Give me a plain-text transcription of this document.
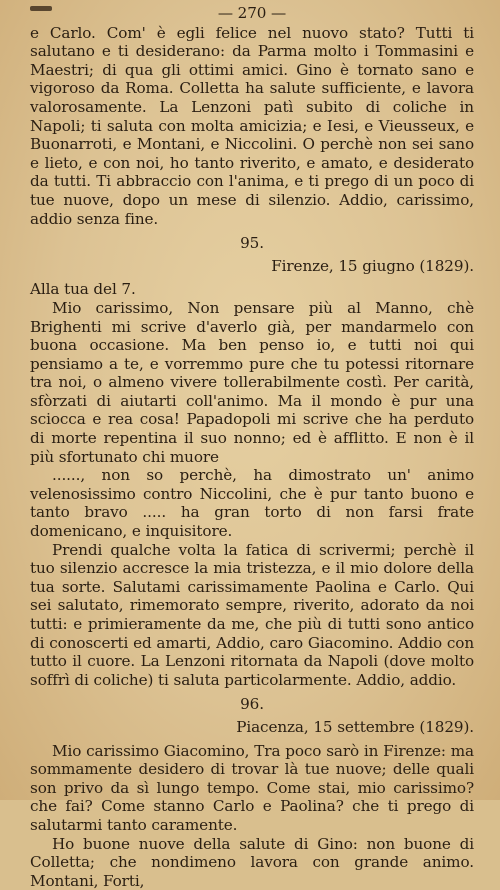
— 270 —

e Carlo. Com' è egli felice nel nuovo stato? Tutti ti salutano e ti desiderano: da Parma molto i Tommasini e Maestri; di qua gli ottimi amici. Gino è tornato sano e vigoroso da Roma. Colletta ha salute sufficiente, e lavora valorosamente. La Lenzoni patì subito di coliche in Napoli; ti saluta con molta amicizia; e Iesi, e Vieusseux, e Buonarroti, e Montani, e Niccolini. O perchè non sei sano e lieto, e con noi, ho tanto riverito, e amato, e desiderato da tutti. Ti abbraccio con l'anima, e ti prego di un poco di tue nuove, dopo un mese di silenzio. Addio, carissimo, addio senza fine.

95.
Firenze, 15 giugno (1829).

Alla tua del 7.

Mio carissimo, Non pensare più al Manno, chè Brighenti mi scrive d'averlo già, per mandarmelo con buona occasione. Ma ben penso io, e tutti noi qui pensiamo a te, e vorremmo pure che tu potessi ritornare tra noi, o almeno vivere tollerabilmente costì. Per carità, sfòrzati di aiutarti coll'animo. Ma il mondo è pur una sciocca e rea cosa! Papadopoli mi scrive che ha perduto di morte repentina il suo nonno; ed è afflitto. E non è il più sfortunato chi muore

......, non so perchè, ha dimostrato un' animo velenosissimo contro Niccolini, che è pur tanto buono e tanto bravo ..... ha gran torto di non farsi frate domenicano, e inquisitore.

Prendi qualche volta la fatica di scrivermi; perchè il tuo silenzio accresce la mia tristezza, e il mio dolore della tua sorte. Salutami carissimamente Paolina e Carlo. Qui sei salutato, rimemorato sempre, riverito, adorato da noi tutti: e primieramente da me, che più di tutti sono antico di conoscerti ed amarti, Addio, caro Giacomino. Addio con tutto il cuore. La Lenzoni ritornata da Napoli (dove molto soffrì di coliche) ti saluta particolarmente. Addio, addio.

96.
Piacenza, 15 settembre (1829).

Mio carissimo Giacomino, Tra poco sarò in Firenze: ma sommamente desidero di trovar là tue nuove; delle quali son privo da sì lungo tempo. Come stai, mio carissimo? che fai? Come stanno Carlo e Paolina? che ti prego di salutarmi tanto caramente.

Ho buone nuove della salute di Gino: non buone di Colletta; che nondimeno lavora con grande animo. Montani, Forti,
